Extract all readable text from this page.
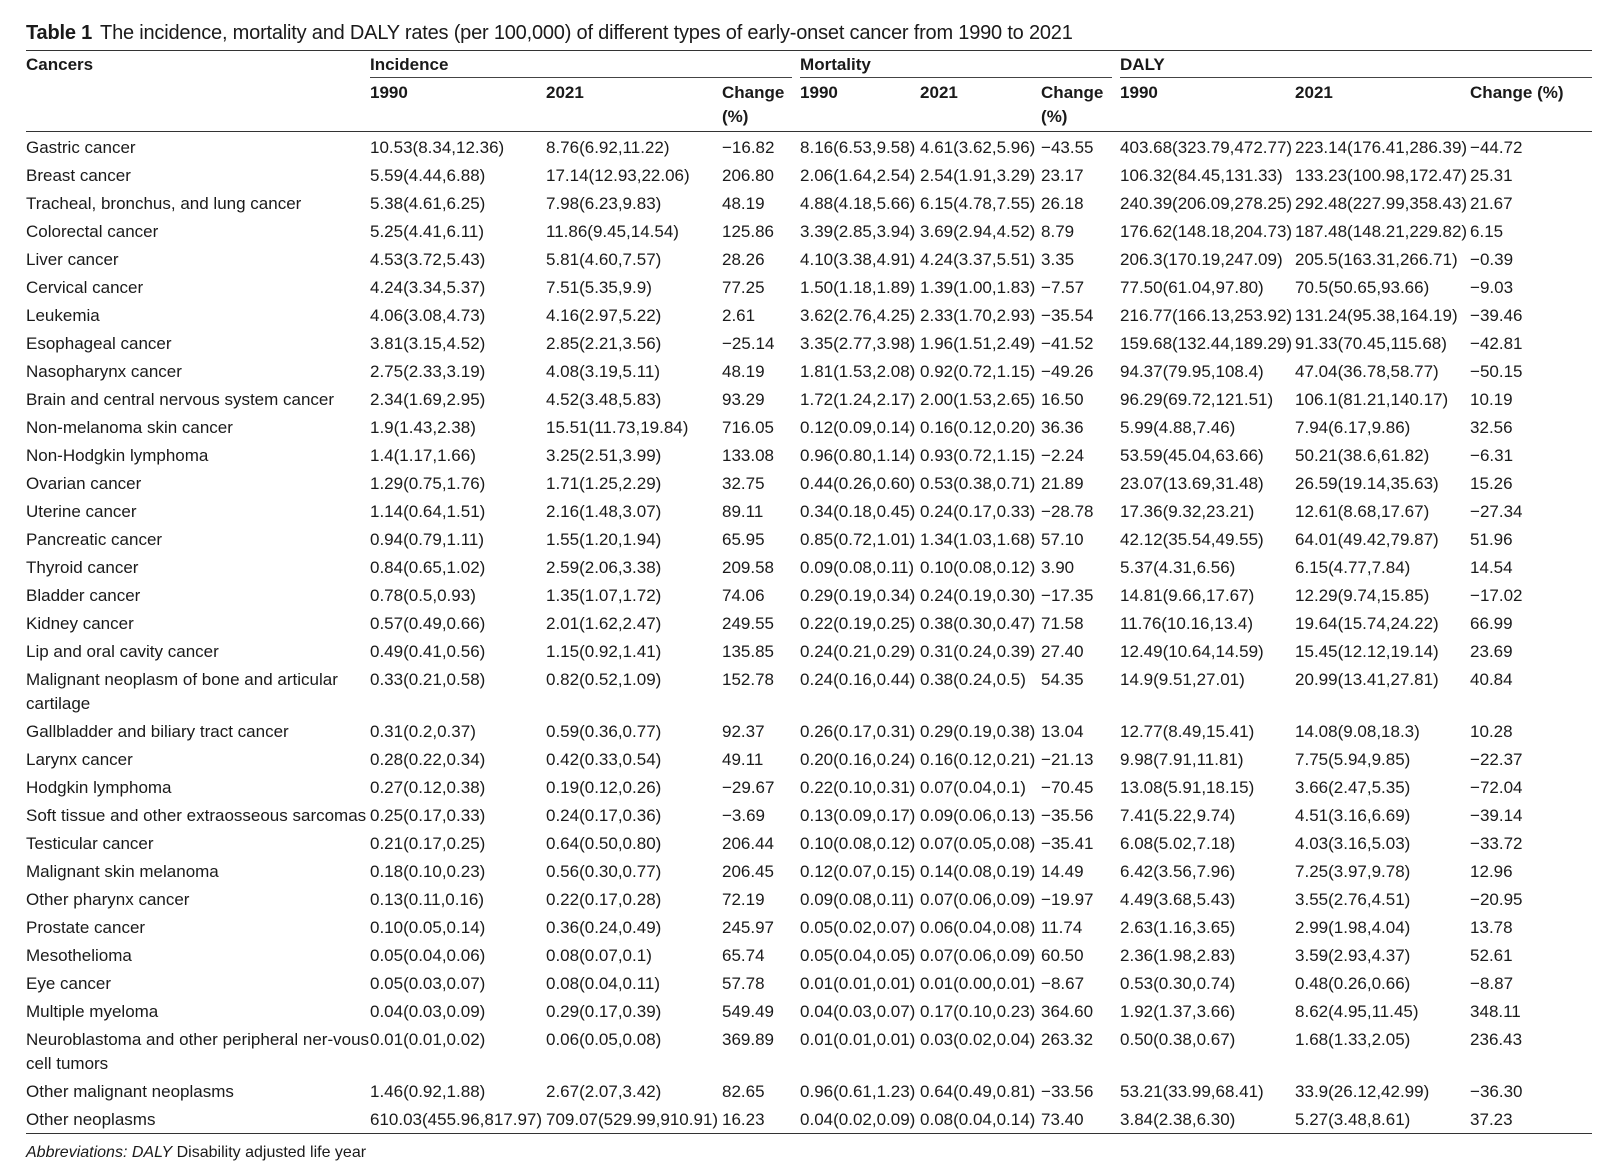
Table 1 The incidence, mortality and DALY rates (per 100,000) of different types of early-onset cancer from 1990 to 2021
Cancers	Incidence			Mortality			DALY		

	1990	2021	Change (%)	1990	2021	Change (%)	1990	2021	Change (%)
Gastric cancer	10.53(8.34,12.36)	8.76(6.92,11.22)	−16.82	8.16(6.53,9.58)	4.61(3.62,5.96)	−43.55	403.68(323.79,472.77)	223.14(176.41,286.39)	−44.72
Breast cancer	5.59(4.44,6.88)	17.14(12.93,22.06)	206.80	2.06(1.64,2.54)	2.54(1.91,3.29)	23.17	106.32(84.45,131.33)	133.23(100.98,172.47)	25.31
Tracheal, bronchus, and lung cancer	5.38(4.61,6.25)	7.98(6.23,9.83)	48.19	4.88(4.18,5.66)	6.15(4.78,7.55)	26.18	240.39(206.09,278.25)	292.48(227.99,358.43)	21.67
Colorectal cancer	5.25(4.41,6.11)	11.86(9.45,14.54)	125.86	3.39(2.85,3.94)	3.69(2.94,4.52)	8.79	176.62(148.18,204.73)	187.48(148.21,229.82)	6.15
Liver cancer	4.53(3.72,5.43)	5.81(4.60,7.57)	28.26	4.10(3.38,4.91)	4.24(3.37,5.51)	3.35	206.3(170.19,247.09)	205.5(163.31,266.71)	−0.39
Cervical cancer	4.24(3.34,5.37)	7.51(5.35,9.9)	77.25	1.50(1.18,1.89)	1.39(1.00,1.83)	−7.57	77.50(61.04,97.80)	70.5(50.65,93.66)	−9.03
Leukemia	4.06(3.08,4.73)	4.16(2.97,5.22)	2.61	3.62(2.76,4.25)	2.33(1.70,2.93)	−35.54	216.77(166.13,253.92)	131.24(95.38,164.19)	−39.46
Esophageal cancer	3.81(3.15,4.52)	2.85(2.21,3.56)	−25.14	3.35(2.77,3.98)	1.96(1.51,2.49)	−41.52	159.68(132.44,189.29)	91.33(70.45,115.68)	−42.81
Nasopharynx cancer	2.75(2.33,3.19)	4.08(3.19,5.11)	48.19	1.81(1.53,2.08)	0.92(0.72,1.15)	−49.26	94.37(79.95,108.4)	47.04(36.78,58.77)	−50.15
Brain and central nervous system cancer	2.34(1.69,2.95)	4.52(3.48,5.83)	93.29	1.72(1.24,2.17)	2.00(1.53,2.65)	16.50	96.29(69.72,121.51)	106.1(81.21,140.17)	10.19
Non-melanoma skin cancer	1.9(1.43,2.38)	15.51(11.73,19.84)	716.05	0.12(0.09,0.14)	0.16(0.12,0.20)	36.36	5.99(4.88,7.46)	7.94(6.17,9.86)	32.56
Non-Hodgkin lymphoma	1.4(1.17,1.66)	3.25(2.51,3.99)	133.08	0.96(0.80,1.14)	0.93(0.72,1.15)	−2.24	53.59(45.04,63.66)	50.21(38.6,61.82)	−6.31
Ovarian cancer	1.29(0.75,1.76)	1.71(1.25,2.29)	32.75	0.44(0.26,0.60)	0.53(0.38,0.71)	21.89	23.07(13.69,31.48)	26.59(19.14,35.63)	15.26
Uterine cancer	1.14(0.64,1.51)	2.16(1.48,3.07)	89.11	0.34(0.18,0.45)	0.24(0.17,0.33)	−28.78	17.36(9.32,23.21)	12.61(8.68,17.67)	−27.34
Pancreatic cancer	0.94(0.79,1.11)	1.55(1.20,1.94)	65.95	0.85(0.72,1.01)	1.34(1.03,1.68)	57.10	42.12(35.54,49.55)	64.01(49.42,79.87)	51.96
Thyroid cancer	0.84(0.65,1.02)	2.59(2.06,3.38)	209.58	0.09(0.08,0.11)	0.10(0.08,0.12)	3.90	5.37(4.31,6.56)	6.15(4.77,7.84)	14.54
Bladder cancer	0.78(0.5,0.93)	1.35(1.07,1.72)	74.06	0.29(0.19,0.34)	0.24(0.19,0.30)	−17.35	14.81(9.66,17.67)	12.29(9.74,15.85)	−17.02
Kidney cancer	0.57(0.49,0.66)	2.01(1.62,2.47)	249.55	0.22(0.19,0.25)	0.38(0.30,0.47)	71.58	11.76(10.16,13.4)	19.64(15.74,24.22)	66.99
Lip and oral cavity cancer	0.49(0.41,0.56)	1.15(0.92,1.41)	135.85	0.24(0.21,0.29)	0.31(0.24,0.39)	27.40	12.49(10.64,14.59)	15.45(12.12,19.14)	23.69
Malignant neoplasm of bone and articular cartilage	0.33(0.21,0.58)	0.82(0.52,1.09)	152.78	0.24(0.16,0.44)	0.38(0.24,0.5)	54.35	14.9(9.51,27.01)	20.99(13.41,27.81)	40.84
Gallbladder and biliary tract cancer	0.31(0.2,0.37)	0.59(0.36,0.77)	92.37	0.26(0.17,0.31)	0.29(0.19,0.38)	13.04	12.77(8.49,15.41)	14.08(9.08,18.3)	10.28
Larynx cancer	0.28(0.22,0.34)	0.42(0.33,0.54)	49.11	0.20(0.16,0.24)	0.16(0.12,0.21)	−21.13	9.98(7.91,11.81)	7.75(5.94,9.85)	−22.37
Hodgkin lymphoma	0.27(0.12,0.38)	0.19(0.12,0.26)	−29.67	0.22(0.10,0.31)	0.07(0.04,0.1)	−70.45	13.08(5.91,18.15)	3.66(2.47,5.35)	−72.04
Soft tissue and other extraosseous sarcomas	0.25(0.17,0.33)	0.24(0.17,0.36)	−3.69	0.13(0.09,0.17)	0.09(0.06,0.13)	−35.56	7.41(5.22,9.74)	4.51(3.16,6.69)	−39.14
Testicular cancer	0.21(0.17,0.25)	0.64(0.50,0.80)	206.44	0.10(0.08,0.12)	0.07(0.05,0.08)	−35.41	6.08(5.02,7.18)	4.03(3.16,5.03)	−33.72
Malignant skin melanoma	0.18(0.10,0.23)	0.56(0.30,0.77)	206.45	0.12(0.07,0.15)	0.14(0.08,0.19)	14.49	6.42(3.56,7.96)	7.25(3.97,9.78)	12.96
Other pharynx cancer	0.13(0.11,0.16)	0.22(0.17,0.28)	72.19	0.09(0.08,0.11)	0.07(0.06,0.09)	−19.97	4.49(3.68,5.43)	3.55(2.76,4.51)	−20.95
Prostate cancer	0.10(0.05,0.14)	0.36(0.24,0.49)	245.97	0.05(0.02,0.07)	0.06(0.04,0.08)	11.74	2.63(1.16,3.65)	2.99(1.98,4.04)	13.78
Mesothelioma	0.05(0.04,0.06)	0.08(0.07,0.1)	65.74	0.05(0.04,0.05)	0.07(0.06,0.09)	60.50	2.36(1.98,2.83)	3.59(2.93,4.37)	52.61
Eye cancer	0.05(0.03,0.07)	0.08(0.04,0.11)	57.78	0.01(0.01,0.01)	0.01(0.00,0.01)	−8.67	0.53(0.30,0.74)	0.48(0.26,0.66)	−8.87
Multiple myeloma	0.04(0.03,0.09)	0.29(0.17,0.39)	549.49	0.04(0.03,0.07)	0.17(0.10,0.23)	364.60	1.92(1.37,3.66)	8.62(4.95,11.45)	348.11
Neuroblastoma and other peripheral ner-vous cell tumors	0.01(0.01,0.02)	0.06(0.05,0.08)	369.89	0.01(0.01,0.01)	0.03(0.02,0.04)	263.32	0.50(0.38,0.67)	1.68(1.33,2.05)	236.43
Other malignant neoplasms	1.46(0.92,1.88)	2.67(2.07,3.42)	82.65	0.96(0.61,1.23)	0.64(0.49,0.81)	−33.56	53.21(33.99,68.41)	33.9(26.12,42.99)	−36.30
Other neoplasms	610.03(455.96,817.97)	709.07(529.99,910.91)	16.23	0.04(0.02,0.09)	0.08(0.04,0.14)	73.40	3.84(2.38,6.30)	5.27(3.48,8.61)	37.23
Abbreviations: DALY Disability adjusted life year
